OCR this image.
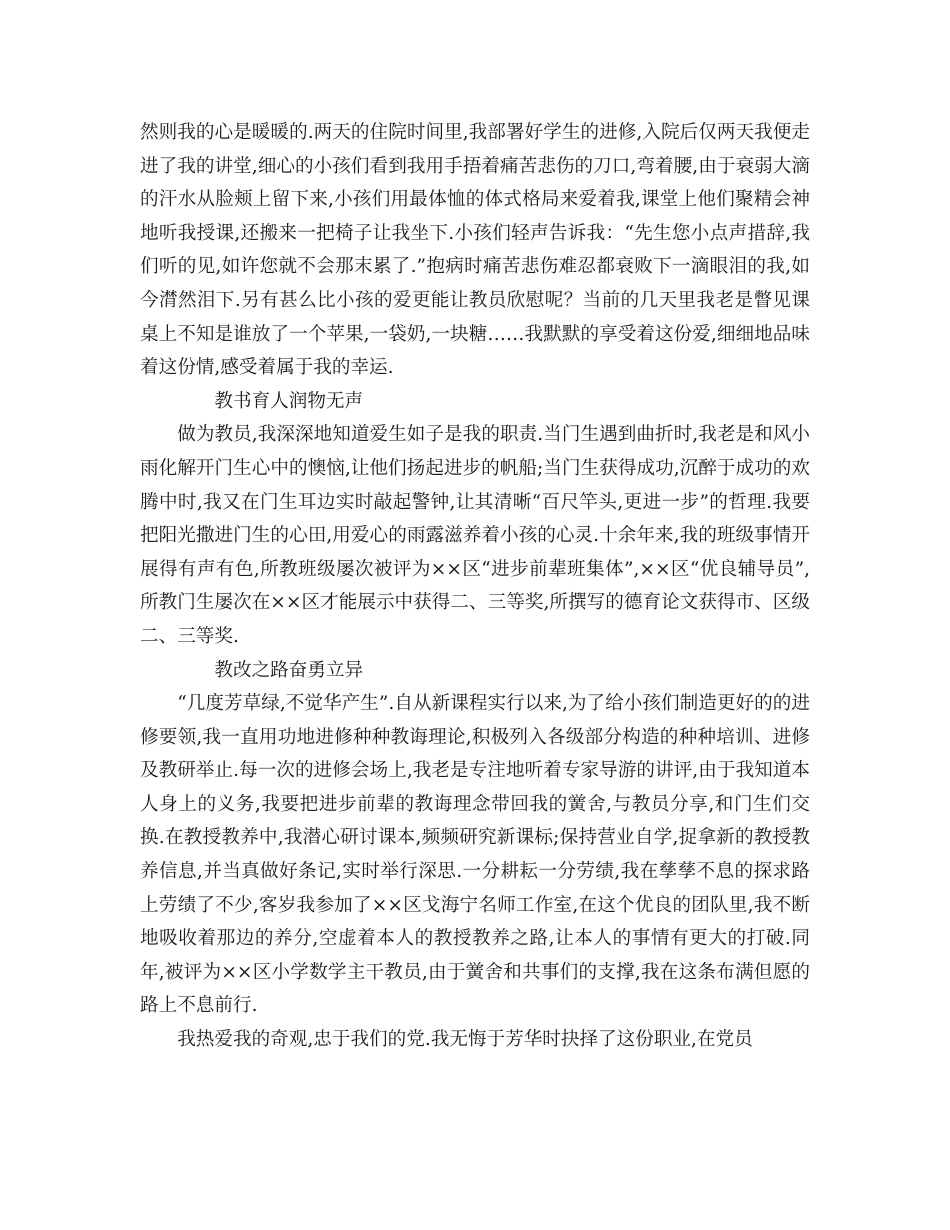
然则我的心是暖暖的.两天的住院时间里,我部署好学生的进修,入院后仅两天我便走进了我的讲堂,细心的小孩们看到我用手捂着痛苦悲伤的刀口,弯着腰,由于衰弱大滴的汗水从脸颊上留下来,小孩们用最体恤的体式格局来爱着我,课堂上他们聚精会神地听我授课,还搬来一把椅子让我坐下.小孩们轻声告诉我：“先生您小点声措辞,我们听的见,如许您就不会那末累了.”抱病时痛苦悲伤难忍都衰败下一滴眼泪的我,如今潸然泪下.另有甚么比小孩的爱更能让教员欣慰呢？当前的几天里我老是瞥见课桌上不知是谁放了一个苹果,一袋奶,一块糖……我默默的享受着这份爱,细细地品味着这份情,感受着属于我的幸运.

教书育人润物无声

做为教员,我深深地知道爱生如子是我的职责.当门生遇到曲折时,我老是和风小雨化解开门生心中的懊恼,让他们扬起进步的帆船;当门生获得成功,沉醉于成功的欢腾中时,我又在门生耳边实时敲起警钟,让其清晰“百尺竿头,更进一步”的哲理.我要把阳光撒进门生的心田,用爱心的雨露滋养着小孩的心灵.十余年来,我的班级事情开展得有声有色,所教班级屡次被评为××区“进步前辈班集体”,××区“优良辅导员”,所教门生屡次在××区才能展示中获得二、三等奖,所撰写的德育论文获得市、区级二、三等奖.

教改之路奋勇立异

“几度芳草绿,不觉华产生”.自从新课程实行以来,为了给小孩们制造更好的的进修要领,我一直用功地进修种种教诲理论,积极列入各级部分构造的种种培训、进修及教研举止.每一次的进修会场上,我老是专注地听着专家导游的讲评,由于我知道本人身上的义务,我要把进步前辈的教诲理念带回我的黉舍,与教员分享,和门生们交换.在教授教养中,我潜心研讨课本,频频研究新课标;保持营业自学,捉拿新的教授教养信息,并当真做好条记,实时举行深思.一分耕耘一分劳绩,我在孳孳不息的探求路上劳绩了不少,客岁我参加了××区戈海宁名师工作室,在这个优良的团队里,我不断地吸收着那边的养分,空虚着本人的教授教养之路,让本人的事情有更大的打破.同年,被评为××区小学数学主干教员,由于黉舍和共事们的支撑,我在这条布满但愿的路上不息前行.

我热爱我的奇观,忠于我们的党.我无悔于芳华时抉择了这份职业,在党员
